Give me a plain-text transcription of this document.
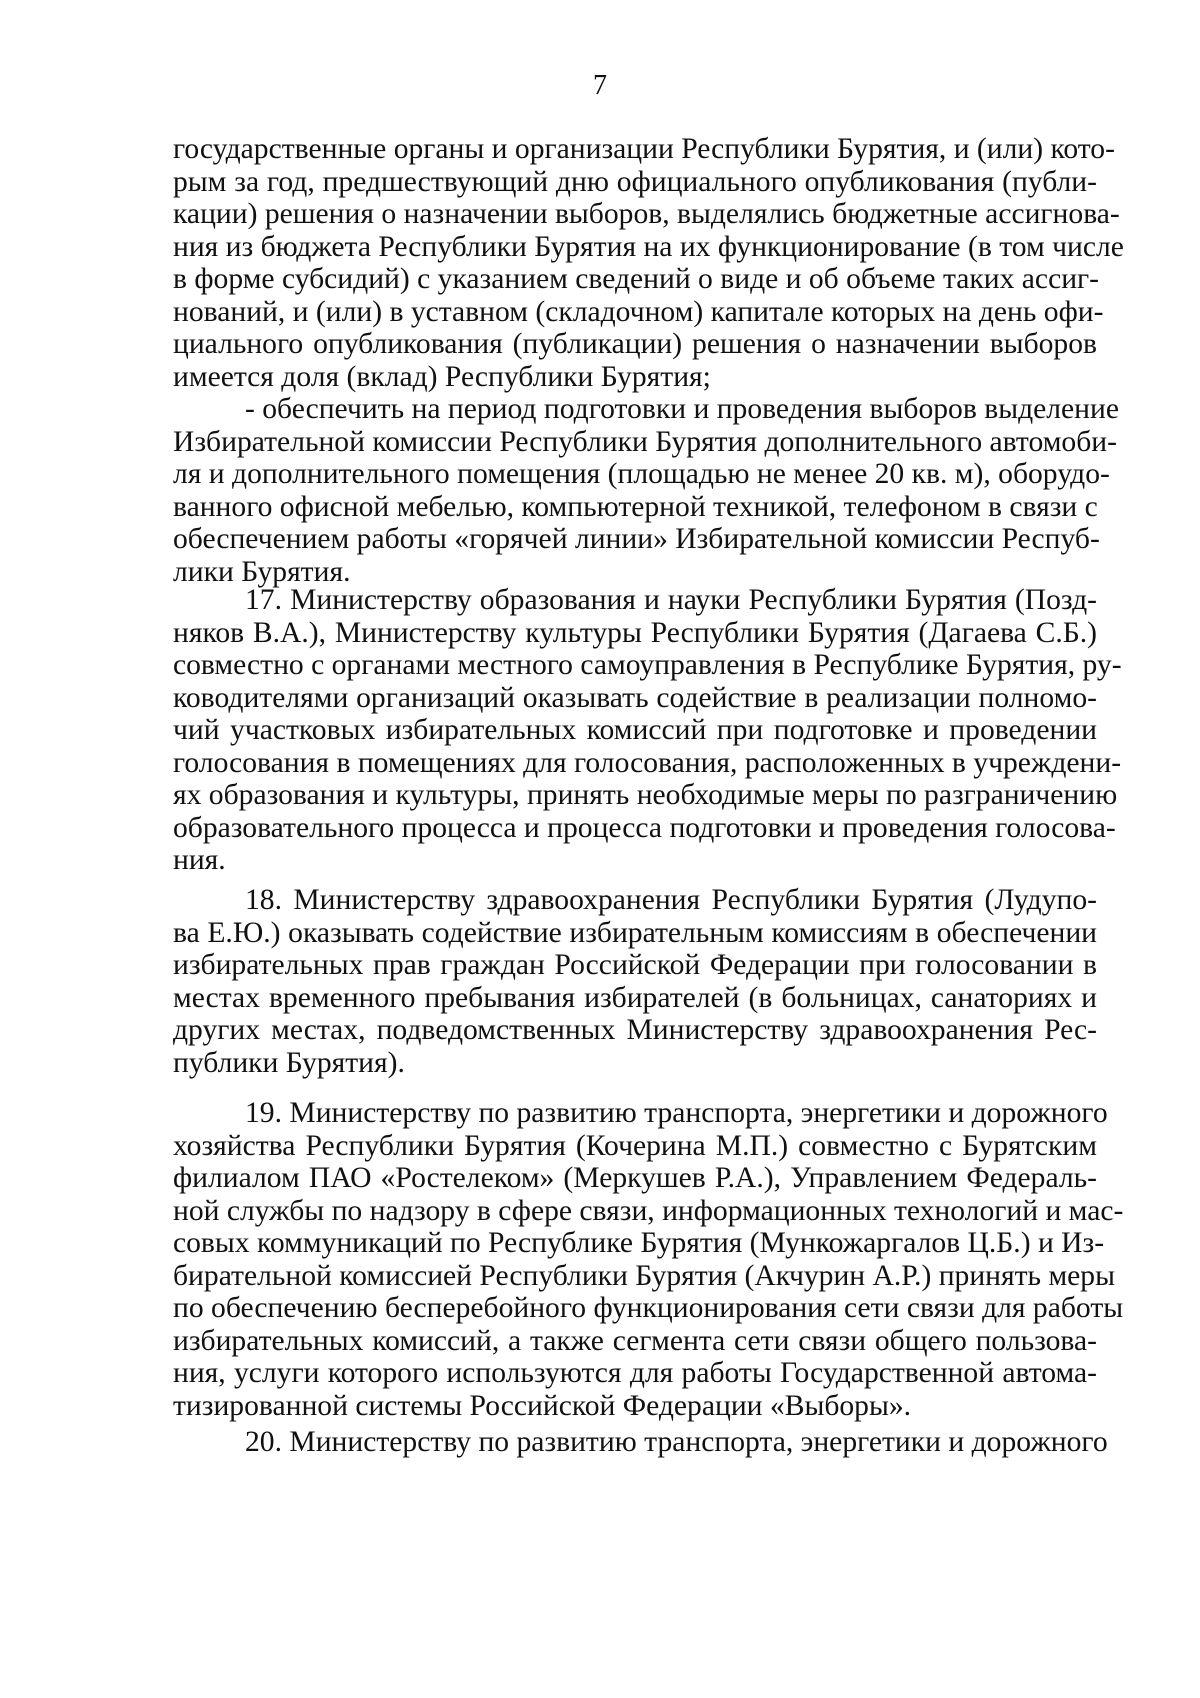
7
государственные органы и организации Республики Бурятия, и (или) кото-
рым за год, предшествующий дню официального опубликования (публи-
кации) решения о назначении выборов, выделялись бюджетные ассигнова-
ния из бюджета Республики Бурятия на их функционирование (в том числе
в форме субсидий) с указанием сведений о виде и об объеме таких ассиг-
нований, и (или) в уставном (складочном) капитале которых на день офи-
циального опубликования (публикации) решения о назначении выборов
имеется доля (вклад) Республики Бурятия;
- обеспечить на период подготовки и проведения выборов выделение
Избирательной комиссии Республики Бурятия дополнительного автомоби-
ля и дополнительного помещения (площадью не менее 20 кв. м), оборудо-
ванного офисной мебелью, компьютерной техникой, телефоном в связи с
обеспечением работы «горячей линии» Избирательной комиссии Респуб-
лики Бурятия.
17. Министерству образования и науки Республики Бурятия (Позд-
няков В.А.), Министерству культуры Республики Бурятия (Дагаева С.Б.)
совместно с органами местного самоуправления в Республике Бурятия, ру-
ководителями организаций оказывать содействие в реализации полномо-
чий участковых избирательных комиссий при подготовке и проведении
голосования в помещениях для голосования, расположенных в учреждени-
ях образования и культуры, принять необходимые меры по разграничению
образовательного процесса и процесса подготовки и проведения голосова-
ния.
18. Министерству здравоохранения Республики Бурятия (Лудупо-
ва Е.Ю.) оказывать содействие избирательным комиссиям в обеспечении
избирательных прав граждан Российской Федерации при голосовании в
местах временного пребывания избирателей (в больницах, санаториях и
других местах, подведомственных Министерству здравоохранения Рес-
публики Бурятия).
19. Министерству по развитию транспорта, энергетики и дорожного
хозяйства Республики Бурятия (Кочерина М.П.) совместно с Бурятским
филиалом ПАО «Ростелеком» (Меркушев Р.А.), Управлением Федераль-
ной службы по надзору в сфере связи, информационных технологий и мас-
совых коммуникаций по Республике Бурятия (Мункожаргалов Ц.Б.) и Из-
бирательной комиссией Республики Бурятия (Акчурин А.Р.) принять меры
по обеспечению бесперебойного функционирования сети связи для работы
избирательных комиссий, а также сегмента сети связи общего пользова-
ния, услуги которого используются для работы Государственной автома-
тизированной системы Российской Федерации «Выборы».
20. Министерству по развитию транспорта, энергетики и дорожного
